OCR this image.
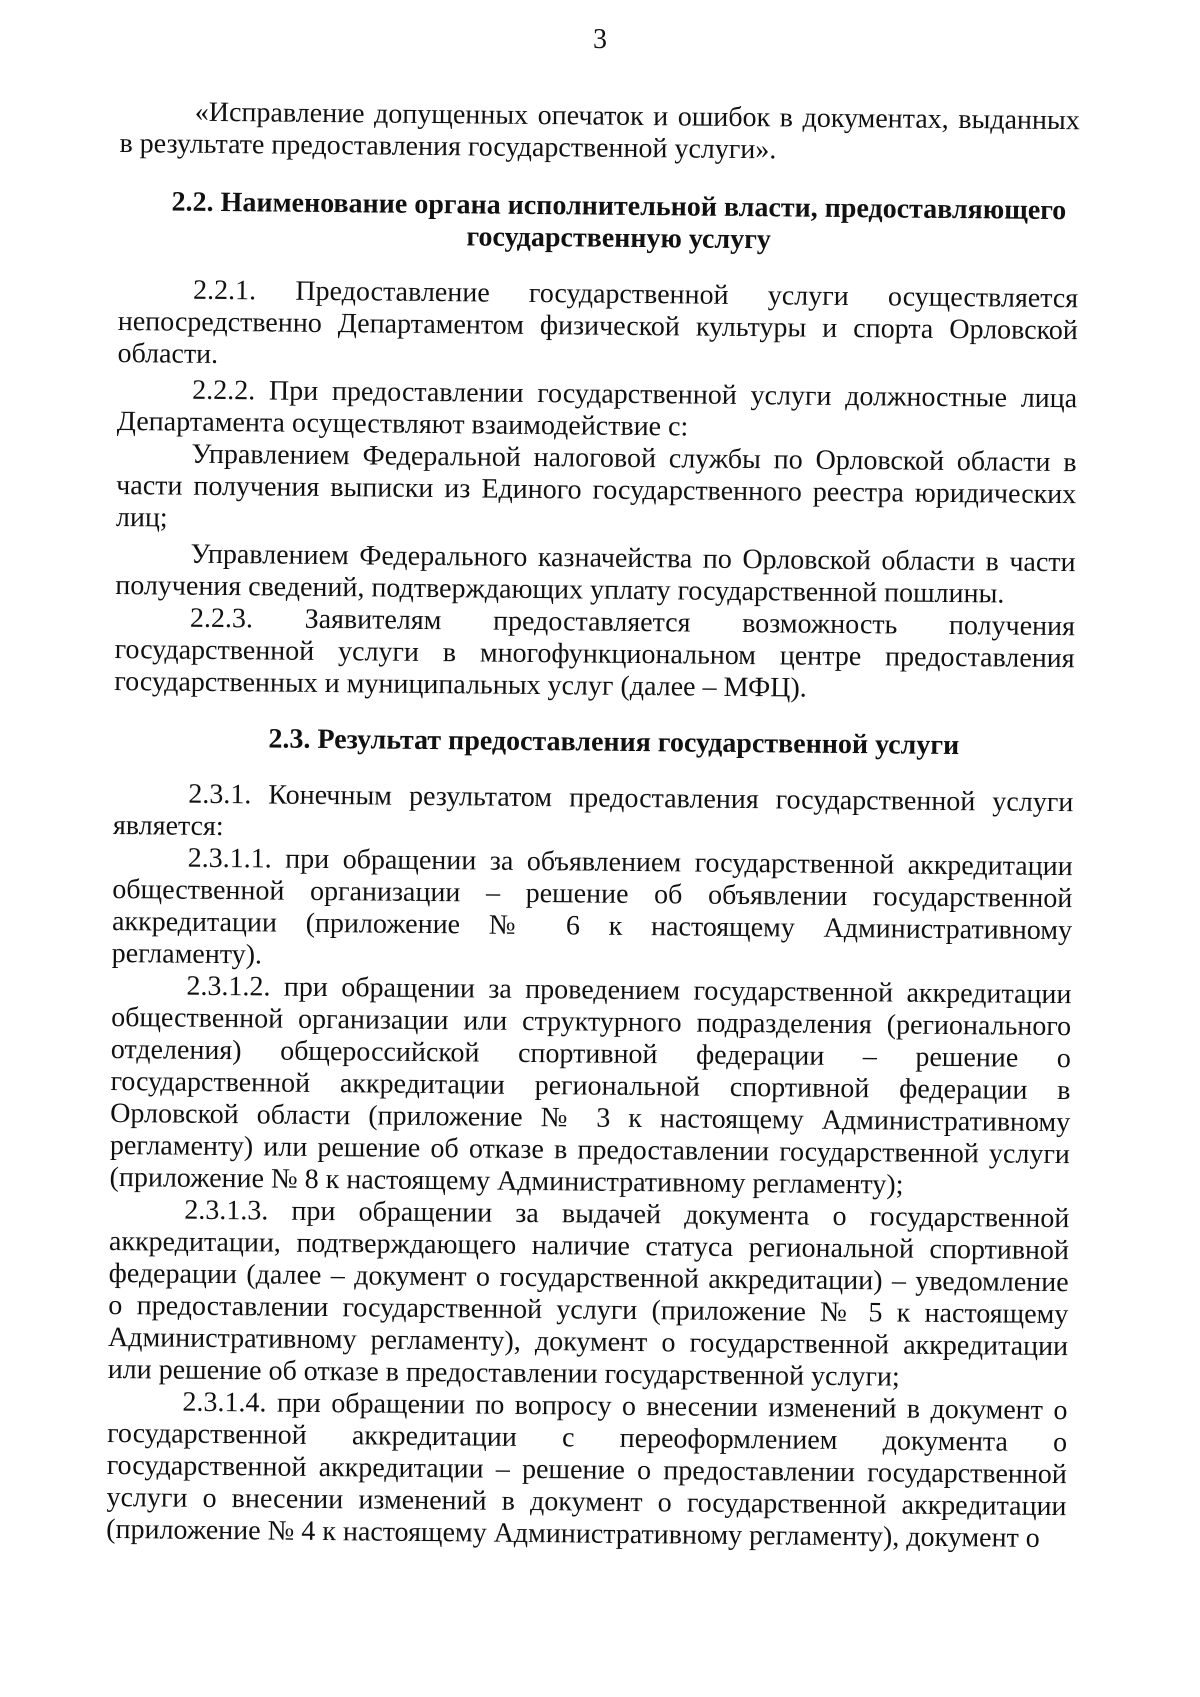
3

«Исправление допущенных опечаток и ошибок в документах, выданных в результате предоставления государственной услуги».

2.2. Наименование органа исполнительной власти, предоставляющего государственную услугу

2.2.1. Предоставление государственной услуги осуществляется непосредственно Департаментом физической культуры и спорта Орловской области.

2.2.2. При предоставлении государственной услуги должностные лица Департамента осуществляют взаимодействие с:

Управлением Федеральной налоговой службы по Орловской области в части получения выписки из Единого государственного реестра юридических лиц;

Управлением Федерального казначейства по Орловской области в части получения сведений, подтверждающих уплату государственной пошлины.

2.2.3. Заявителям предоставляется возможность получения государственной услуги в многофункциональном центре предоставления государственных и муниципальных услуг (далее – МФЦ).

2.3. Результат предоставления государственной услуги

2.3.1. Конечным результатом предоставления государственной услуги является:

2.3.1.1. при обращении за объявлением государственной аккредитации общественной организации – решение об объявлении государственной аккредитации (приложение № 6 к настоящему Административному регламенту).

2.3.1.2. при обращении за проведением государственной аккредитации общественной организации или структурного подразделения (регионального отделения) общероссийской спортивной федерации – решение о государственной аккредитации региональной спортивной федерации в Орловской области (приложение № 3 к настоящему Административному регламенту) или решение об отказе в предоставлении государственной услуги (приложение № 8 к настоящему Административному регламенту);

2.3.1.3. при обращении за выдачей документа о государственной аккредитации, подтверждающего наличие статуса региональной спортивной федерации (далее – документ о государственной аккредитации) – уведомление о предоставлении государственной услуги (приложение № 5 к настоящему Административному регламенту), документ о государственной аккредитации или решение об отказе в предоставлении государственной услуги;

2.3.1.4. при обращении по вопросу о внесении изменений в документ о государственной аккредитации с переоформлением документа о государственной аккредитации – решение о предоставлении государственной услуги о внесении изменений в документ о государственной аккредитации (приложение № 4 к настоящему Административному регламенту), документ о
